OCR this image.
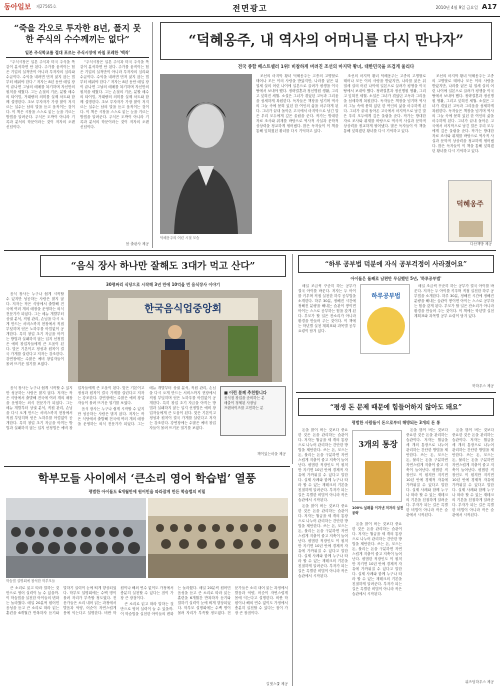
동아일보 제27565호	전면광고	2010년 4월 9일 금요일 A17
“죽을 각오로 투자한 8년, 폴지 못한 주식의 수수께끼는 없다”
일본 주식학교를 절대 포르는 주식시장에 바칠 포레한 '백작'

“주식시장은 일본 주식과 미국 주식을 똑같이 분석하면 안 된다. 주가를 움직이는 힘은 기업의 실적만이 아니라 투자자의 심리와 수급이다. 수익을 내려면 먼저 잃지 않는 법부터 배워야 한다.” 저자는 8년 동안 매일 장이 끝나면 그날의 매매를 복기하며 자신만의 원칙을 세웠다. 그는 손절의 기준, 분할 매수의 타이밍, 거래량의 의미를 실제 차트와 함께 설명한다. 초보 투자자가 가장 많이 저지르는 실수는 남의 말을 듣고 움직이는 것이다. 이 책은 시장을 스스로 읽는 눈을 기르는 방법을 알려준다. 주식은 도박이 아니라 기록과 분석의 학문이라는 것이 저자의 오랜 신념이다.

“주식시장은 일본 주식과 미국 주식을 똑같이 분석하면 안 된다. 주가를 움직이는 힘은 기업의 실적만이 아니라 투자자의 심리와 수급이다. 수익을 내려면 먼저 잃지 않는 법부터 배워야 한다.” 저자는 8년 동안 매일 장이 끝나면 그날의 매매를 복기하며 자신만의 원칙을 세웠다. 그는 손절의 기준, 분할 매수의 타이밍, 거래량의 의미를 실제 차트와 함께 설명한다. 초보 투자자가 가장 많이 저지르는 실수는 남의 말을 듣고 움직이는 것이다. 이 책은 시장을 스스로 읽는 눈을 기르는 방법을 알려준다. 주식은 도박이 아니라 기록과 분석의 학문이라는 것이 저자의 오랜 신념이다.

봄 출판사 제공
“덕혜옹주, 내 역사의 어머니를 다시 만나자”
전국 종합 베스트셀러 1위! 비참하게 버려진 조선의 마지막 황녀, 대한민국을 뜨겁게 울리다
덕혜옹주의 어린 시절 모습

조선의 마지막 황녀 덕혜옹주는 고종의 고명딸로 태어나 모든 이의 사랑을 받았지만, 나라를 잃은 뒤 열세 살의 어린 나이에 일본으로 끌려가 평생을 이국땅에서 보내야 했다. 정략결혼과 정신병원 생활, 그리고 잊혀진 세월. 소설은 그녀가 겪었던 고독과 그리움을 섬세하게 복원한다. 독자들은 책장을 넘기며 역사의 그늘 속에 묻혀 있던 한 여인의 삶을 마주하게 된다. 그녀가 끝내 돌아온 고국에서 마지막으로 남긴 말은 우리 모두에게 깊은 울림을 준다. 작가는 방대한 자료 조사와 취재를 바탕으로 역사적 사실과 문학적 상상력을 정교하게 엮어냈다. 많은 독자들이 이 책을 통해 잊혀졌던 황녀를 다시 기억하고 있다.

조선의 마지막 황녀 덕혜옹주는 고종의 고명딸로 태어나 모든 이의 사랑을 받았지만, 나라를 잃은 뒤 열세 살의 어린 나이에 일본으로 끌려가 평생을 이국땅에서 보내야 했다. 정략결혼과 정신병원 생활, 그리고 잊혀진 세월. 소설은 그녀가 겪었던 고독과 그리움을 섬세하게 복원한다. 독자들은 책장을 넘기며 역사의 그늘 속에 묻혀 있던 한 여인의 삶을 마주하게 된다. 그녀가 끝내 돌아온 고국에서 마지막으로 남긴 말은 우리 모두에게 깊은 울림을 준다. 작가는 방대한 자료 조사와 취재를 바탕으로 역사적 사실과 문학적 상상력을 정교하게 엮어냈다. 많은 독자들이 이 책을 통해 잊혀졌던 황녀를 다시 기억하고 있다.

조선의 마지막 황녀 덕혜옹주는 고종의 고명딸로 태어나 모든 이의 사랑을 받았지만, 나라를 잃은 뒤 열세 살의 어린 나이에 일본으로 끌려가 평생을 이국땅에서 보내야 했다. 정략결혼과 정신병원 생활, 그리고 잊혀진 세월. 소설은 그녀가 겪었던 고독과 그리움을 섬세하게 복원한다. 독자들은 책장을 넘기며 역사의 그늘 속에 묻혀 있던 한 여인의 삶을 마주하게 된다. 그녀가 끝내 돌아온 고국에서 마지막으로 남긴 말은 우리 모두에게 깊은 울림을 준다. 작가는 방대한 자료 조사와 취재를 바탕으로 역사적 사실과 문학적 상상력을 정교하게 엮어냈다. 많은 독자들이 이 책을 통해 잊혀졌던 황녀를 다시 기억하고 있다.

덕혜옹주
다산책방 제공
“음식 장사 하나만 잘해도 3대가 먹고 산다”
30평짜리 식당으로 시작해 3년 만에 10억을 번 음식장사 이야기

음식 장사는 누구나 쉽게 시작할 수 있지만 성공하는 사람은 많지 않다. 저자는 작은 식당에서 출발해 전국에 여러 개의 매장을 운영하는 외식 전문가가 되었다. 그는 메뉴 개발부터 상권 분석, 직원 관리, 손님을 다시 오게 만드는 서비스까지 현장에서 직접 부딪히며 얻은 노하우를 아낌없이 공개한다. 특히 창업 초기 자금을 아끼는 방법과 실패하지 않는 입지 선정법은 예비 창업자들에게 큰 도움이 된다. 맛은 기본이고 정성과 원칙이 결국 가게를 살린다고 저자는 강조한다. 강연장에는 수많은 예비 창업자들이 몰려 뜨거운 열기를 보였다.

한국음식업중앙회

음식 장사는 누구나 쉽게 시작할 수 있지만 성공하는 사람은 많지 않다. 저자는 작은 식당에서 출발해 전국에 여러 개의 매장을 운영하는 외식 전문가가 되었다. 그는 메뉴 개발부터 상권 분석, 직원 관리, 손님을 다시 오게 만드는 서비스까지 현장에서 직접 부딪히며 얻은 노하우를 아낌없이 공개한다. 특히 창업 초기 자금을 아끼는 방법과 실패하지 않는 입지 선정법은 예비 창업자들에게 큰 도움이 된다. 맛은 기본이고 정성과 원칙이 결국 가게를 살린다고 저자는 강조한다. 강연장에는 수많은 예비 창업자들이 몰려 뜨거운 열기를 보였다.

음식 장사는 누구나 쉽게 시작할 수 있지만 성공하는 사람은 많지 않다. 저자는 작은 식당에서 출발해 전국에 여러 개의 매장을 운영하는 외식 전문가가 되었다. 그는 메뉴 개발부터 상권 분석, 직원 관리, 손님을 다시 오게 만드는 서비스까지 현장에서 직접 부딪히며 얻은 노하우를 아낌없이 공개한다. 특히 창업 초기 자금을 아끼는 방법과 실패하지 않는 입지 선정법은 예비 창업자들에게 큰 도움이 된다. 맛은 기본이고 정성과 원칙이 결국 가게를 살린다고 저자는 강조한다. 강연장에는 수많은 예비 창업자들이 몰려 뜨거운 열기를 보였다.

■ 이런 분께 추천합니다
음식점 창업을 준비하는 분
매출이 정체된 사장님
프랜차이즈를 고민하는 분
책이있는마을 제공
“하루 공부법 덕분에 자식 공부걱정이 사라졌어요”
아이들은 둘째로 남편만 무심했던 5년, '하루공부법'

매일 조금씩 꾸준히 하는 공부가 결국 아이를 바꾼다. 저자는 두 아이를 키우며 직접 실천한 하루 공부법을 소개한다. 하루 30분, 정해진 시간에 정해진 분량을 해내는 습관이 쌓이면 아이는 스스로 공부하는 힘을 갖게 된다. 부모가 할 일은 잔소리가 아니라 환경을 만들어 주는 것이다. 이 책에는 학년별 실천 계획표와 과목별 공부 요령이 담겨 있다.

하루공부법

매일 조금씩 꾸준히 하는 공부가 결국 아이를 바꾼다. 저자는 두 아이를 키우며 직접 실천한 하루 공부법을 소개한다. 하루 30분, 정해진 시간에 정해진 분량을 해내는 습관이 쌓이면 아이는 스스로 공부하는 힘을 갖게 된다. 부모가 할 일은 잔소리가 아니라 환경을 만들어 주는 것이다. 이 책에는 학년별 실천 계획표와 과목별 공부 요령이 담겨 있다.

북하우스 제공
“평생 돈 문제 때문에 힘들어하지 않아도 돼요”
평범한 사람들이 돈으로부터 해방되는 3개의 돈 통

돈을 많이 버는 것보다 중요한 것은 돈을 관리하는 습관이다. 저자는 월급을 세 개의 통장으로 나누어 관리하는 간단한 방법을 제안한다. 쓰는 돈, 모으는 돈, 불리는 돈을 구분하면 자연스럽게 지출이 줄고 저축이 늘어난다. 평범한 직장인도 이 원칙만 지키면 10년 안에 경제적 자유에 가까워질 수 있다고 말한다. 실제 사례와 함께 누구나 따라 할 수 있는 재테크의 기본을 친절하게 알려준다. 부자가 되는 길은 특별한 비법이 아니라 작은 습관에서 시작된다.

돈을 많이 버는 것보다 중요한 것은 돈을 관리하는 습관이다. 저자는 월급을 세 개의 통장으로 나누어 관리하는 간단한 방법을 제안한다. 쓰는 돈, 모으는 돈, 불리는 돈을 구분하면 자연스럽게 지출이 줄고 저축이 늘어난다. 평범한 직장인도 이 원칙만 지키면 10년 안에 경제적 자유에 가까워질 수 있다고 말한다. 실제 사례와 함께 누구나 따라 할 수 있는 재테크의 기본을 친절하게 알려준다. 부자가 되는 길은 특별한 비법이 아니라 작은 습관에서 시작된다.

3개의 통장
100% 실패를 이겨낸 저자의 실전 공략

돈을 많이 버는 것보다 중요한 것은 돈을 관리하는 습관이다. 저자는 월급을 세 개의 통장으로 나누어 관리하는 간단한 방법을 제안한다. 쓰는 돈, 모으는 돈, 불리는 돈을 구분하면 자연스럽게 지출이 줄고 저축이 늘어난다. 평범한 직장인도 이 원칙만 지키면 10년 안에 경제적 자유에 가까워질 수 있다고 말한다. 실제 사례와 함께 누구나 따라 할 수 있는 재테크의 기본을 친절하게 알려준다. 부자가 되는 길은 특별한 비법이 아니라 작은 습관에서 시작된다.

돈을 많이 버는 것보다 중요한 것은 돈을 관리하는 습관이다. 저자는 월급을 세 개의 통장으로 나누어 관리하는 간단한 방법을 제안한다. 쓰는 돈, 모으는 돈, 불리는 돈을 구분하면 자연스럽게 지출이 줄고 저축이 늘어난다. 평범한 직장인도 이 원칙만 지키면 10년 안에 경제적 자유에 가까워질 수 있다고 말한다. 실제 사례와 함께 누구나 따라 할 수 있는 재테크의 기본을 친절하게 알려준다. 부자가 되는 길은 특별한 비법이 아니라 작은 습관에서 시작된다.

돈을 많이 버는 것보다 중요한 것은 돈을 관리하는 습관이다. 저자는 월급을 세 개의 통장으로 나누어 관리하는 간단한 방법을 제안한다. 쓰는 돈, 모으는 돈, 불리는 돈을 구분하면 자연스럽게 지출이 줄고 저축이 늘어난다. 평범한 직장인도 이 원칙만 지키면 10년 안에 경제적 자유에 가까워질 수 있다고 말한다. 실제 사례와 함께 누구나 따라 할 수 있는 재테크의 기본을 친절하게 알려준다. 부자가 되는 길은 특별한 비법이 아니라 작은 습관에서 시작된다.

위즈덤하우스 제공
학부모들 사이에서 ‘큰소리 영어 학습법’ 열풍
평범한 아이들도 6개월만에 원어민을 따라잡게 만든 학습법의 비밀
학습법 설명회에 참석한 학부모들

큰 소리로 읽고 따라 말하는 것만으로 영어 실력이 늘 수 있을까. 이 학습법을 실천한 아이들의 변화는 놀라웠다. 매일 20분씩 원어민 음성을 듣고 큰 소리로 따라 읽는 훈련을 6개월간 반복하자 듣기와 말하기 실력이 눈에 띄게 향상되었다. 학부모 설명회에는 수백 명이 몰려 자리가 부족할 정도였다. 전문가들은 소리 내어 읽는 과정에서 발음과 억양, 어순이 자연스럽게 몸에 익는다고 설명한다. 비싼 학원이나 해외 연수 없이도 가정에서 충분히 실천할 수 있다는 점이 가장 큰 장점이다.

큰 소리로 읽고 따라 말하는 것만으로 영어 실력이 늘 수 있을까. 이 학습법을 실천한 아이들의 변화는 놀라웠다. 매일 20분씩 원어민 음성을 듣고 큰 소리로 따라 읽는 훈련을 6개월간 반복하자 듣기와 말하기 실력이 눈에 띄게 향상되었다. 학부모 설명회에는 수백 명이 몰려 자리가 부족할 정도였다. 전문가들은 소리 내어 읽는 과정에서 발음과 억양, 어순이 자연스럽게 몸에 익는다고 설명한다. 비싼 학원이나 해외 연수 없이도 가정에서 충분히 실천할 수 있다는 점이 가장 큰 장점이다.

길벗스쿨 제공
